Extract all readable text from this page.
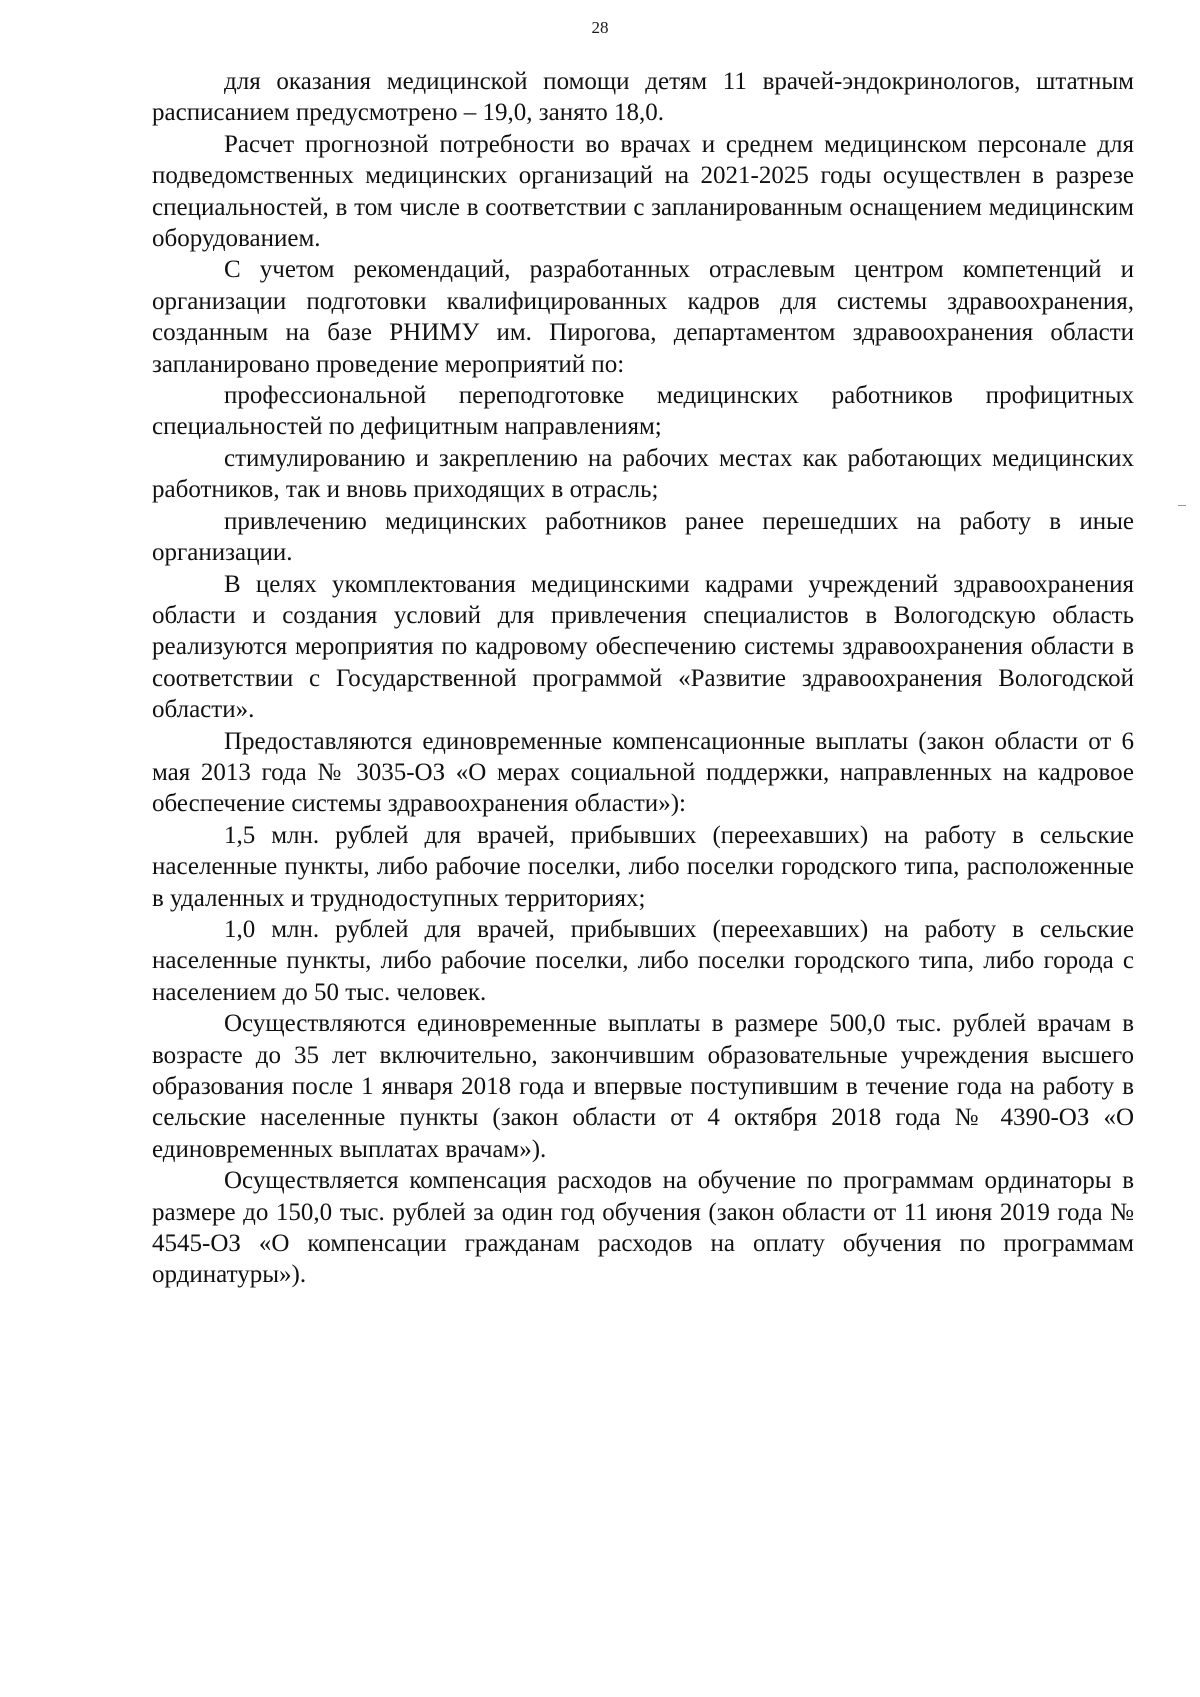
28

для оказания медицинской помощи детям 11 врачей-эндокринологов, штатным расписанием предусмотрено – 19,0, занято 18,0.

Расчет прогнозной потребности во врачах и среднем медицинском персонале для подведомственных медицинских организаций на 2021-2025 годы осуществлен в разрезе специальностей, в том числе в соответствии с запланированным оснащением медицинским оборудованием.

С учетом рекомендаций, разработанных отраслевым центром компетенций и организации подготовки квалифицированных кадров для системы здравоохранения, созданным на базе РНИМУ им. Пирогова, департаментом здравоохранения области запланировано проведение мероприятий по:

профессиональной переподготовке медицинских работников профицитных специальностей по дефицитным направлениям;

стимулированию и закреплению на рабочих местах как работающих медицинских работников, так и вновь приходящих в отрасль;

привлечению медицинских работников ранее перешедших на работу в иные организации.

В целях укомплектования медицинскими кадрами учреждений здравоохранения области и создания условий для привлечения специалистов в Вологодскую область реализуются мероприятия по кадровому обеспечению системы здравоохранения области в соответствии с Государственной программой «Развитие здравоохранения Вологодской области».

Предоставляются единовременные компенсационные выплаты (закон области от 6 мая 2013 года № 3035-ОЗ «О мерах социальной поддержки, направленных на кадровое обеспечение системы здравоохранения области»):

1,5 млн. рублей для врачей, прибывших (переехавших) на работу в сельские населенные пункты, либо рабочие поселки, либо поселки городского типа, расположенные в удаленных и труднодоступных территориях;

1,0 млн. рублей для врачей, прибывших (переехавших) на работу в сельские населенные пункты, либо рабочие поселки, либо поселки городского типа, либо города с населением до 50 тыс. человек.

Осуществляются единовременные выплаты в размере 500,0 тыс. рублей врачам в возрасте до 35 лет включительно, закончившим образовательные учреждения высшего образования после 1 января 2018 года и впервые поступившим в течение года на работу в сельские населенные пункты (закон области от 4 октября 2018 года № 4390-ОЗ «О единовременных выплатах врачам»).

Осуществляется компенсация расходов на обучение по программам ординаторы в размере до 150,0 тыс. рублей за один год обучения (закон области от 11 июня 2019 года № 4545-ОЗ «О компенсации гражданам расходов на оплату обучения по программам ординатуры»).
